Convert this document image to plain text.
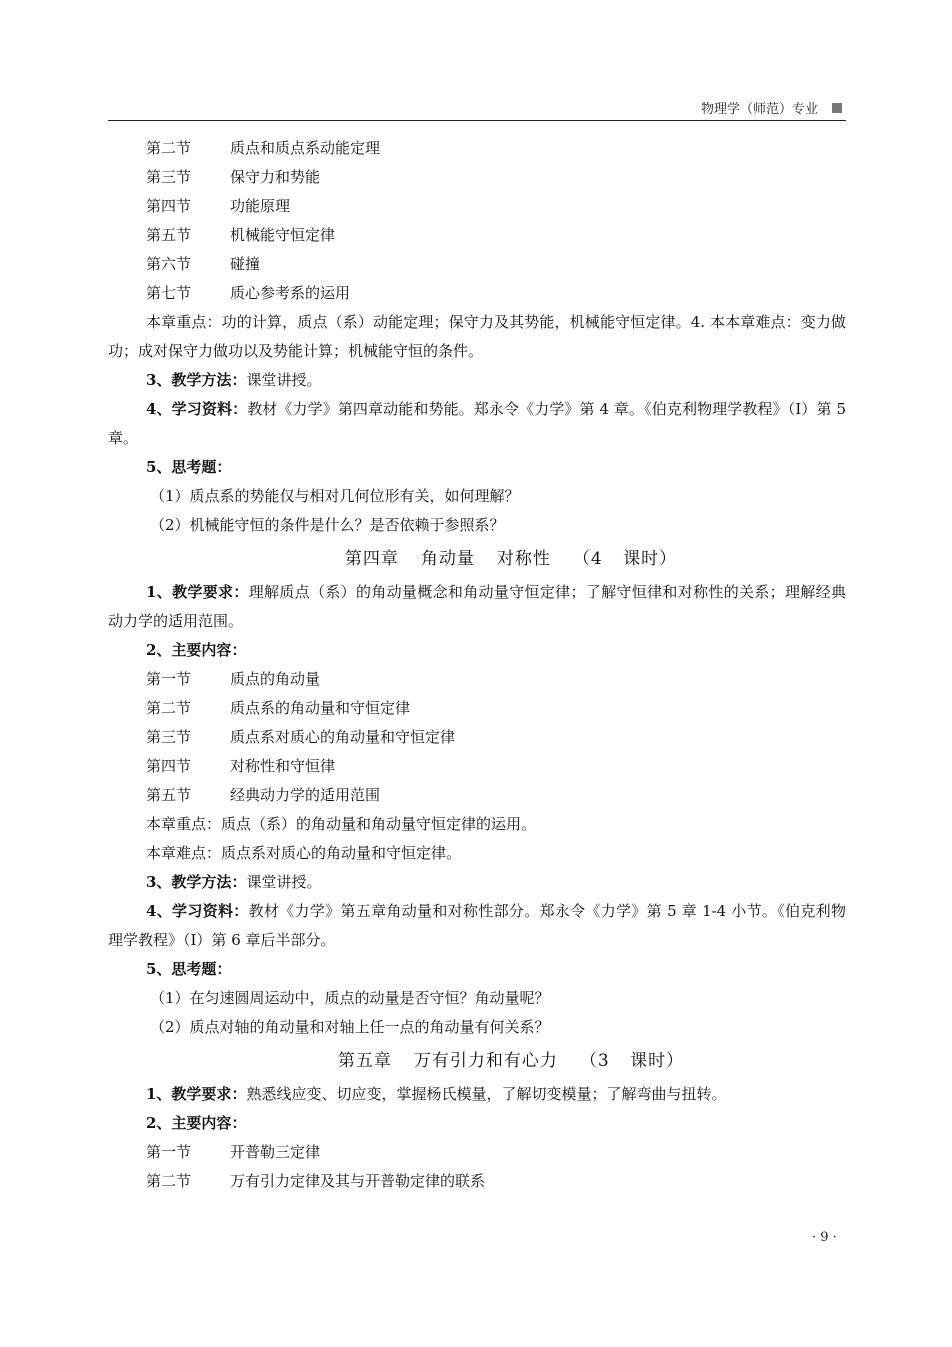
物理学（师范）专业
第二节	质点和质点系动能定理
第三节	保守力和势能
第四节	功能原理
第五节	机械能守恒定律
第六节	碰撞
第七节	质心参考系的运用
本章重点：功的计算，质点（系）动能定理；保守力及其势能，机械能守恒定律。4. 本本章难点：变力做功；成对保守力做功以及势能计算；机械能守恒的条件。
3、教学方法：课堂讲授。
4、学习资料：教材《力学》第四章动能和势能。郑永令《力学》第 4 章。《伯克利物理学教程》（I）第 5 章。
5、思考题：
（1）质点系的势能仅与相对几何位形有关，如何理解？
（2）机械能守恒的条件是什么？是否依赖于参照系？
第四章 角动量 对称性 （4 课时）
1、教学要求：理解质点（系）的角动量概念和角动量守恒定律；了解守恒律和对称性的关系；理解经典动力学的适用范围。
2、主要内容：
第一节	质点的角动量
第二节	质点系的角动量和守恒定律
第三节	质点系对质心的角动量和守恒定律
第四节	对称性和守恒律
第五节	经典动力学的适用范围
本章重点：质点（系）的角动量和角动量守恒定律的运用。
本章难点：质点系对质心的角动量和守恒定律。
3、教学方法：课堂讲授。
4、学习资料：教材《力学》第五章角动量和对称性部分。郑永令《力学》第 5 章 1-4 小节。《伯克利物理学教程》（I）第 6 章后半部分。
5、思考题：
（1）在匀速圆周运动中，质点的动量是否守恒？角动量呢？
（2）质点对轴的角动量和对轴上任一点的角动量有何关系？
第五章 万有引力和有心力 （3 课时）
1、教学要求：熟悉线应变、切应变，掌握杨氏模量，了解切变模量；了解弯曲与扭转。
2、主要内容：
第一节	开普勒三定律
第二节	万有引力定律及其与开普勒定律的联系
· 9 ·
